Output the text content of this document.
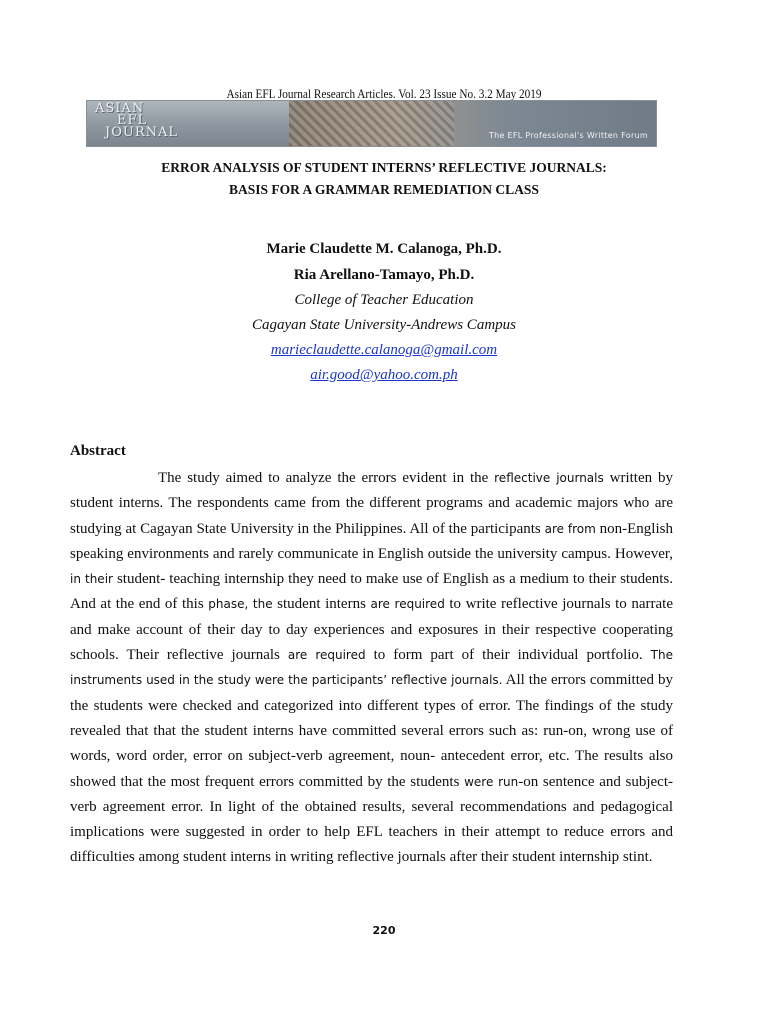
Asian EFL Journal Research Articles. Vol. 23 Issue No. 3.2 May 2019
ASIAN
EFL
JOURNAL	The EFL Professional's Written Forum
ERROR ANALYSIS OF STUDENT INTERNS’ REFLECTIVE JOURNALS:
BASIS FOR A GRAMMAR REMEDIATION CLASS
Marie Claudette M. Calanoga, Ph.D.
Ria Arellano-Tamayo, Ph.D.
College of Teacher Education
Cagayan State University-Andrews Campus
marieclaudette.calanoga@gmail.com
air.good@yahoo.com.ph
Abstract
The study aimed to analyze the errors evident in the reflective journals written by student interns. The respondents came from the different programs and academic majors who are studying at Cagayan State University in the Philippines. All of the participants are from non-English speaking environments and rarely communicate in English outside the university campus. However, in their student- teaching internship they need to make use of English as a medium to their students. And at the end of this phase, the student interns are required to write reflective journals to narrate and make account of their day to day experiences and exposures in their respective cooperating schools. Their reflective journals are required to form part of their individual portfolio. The instruments used in the study were the participants’ reflective journals. All the errors committed by the students were checked and categorized into different types of error. The findings of the study revealed that that the student interns have committed several errors such as: run-on, wrong use of words, word order, error on subject-verb agreement, noun- antecedent error, etc. The results also showed that the most frequent errors committed by the students were run-on sentence and subject-verb agreement error. In light of the obtained results, several recommendations and pedagogical implications were suggested in order to help EFL teachers in their attempt to reduce errors and difficulties among student interns in writing reflective journals after their student internship stint.
220
